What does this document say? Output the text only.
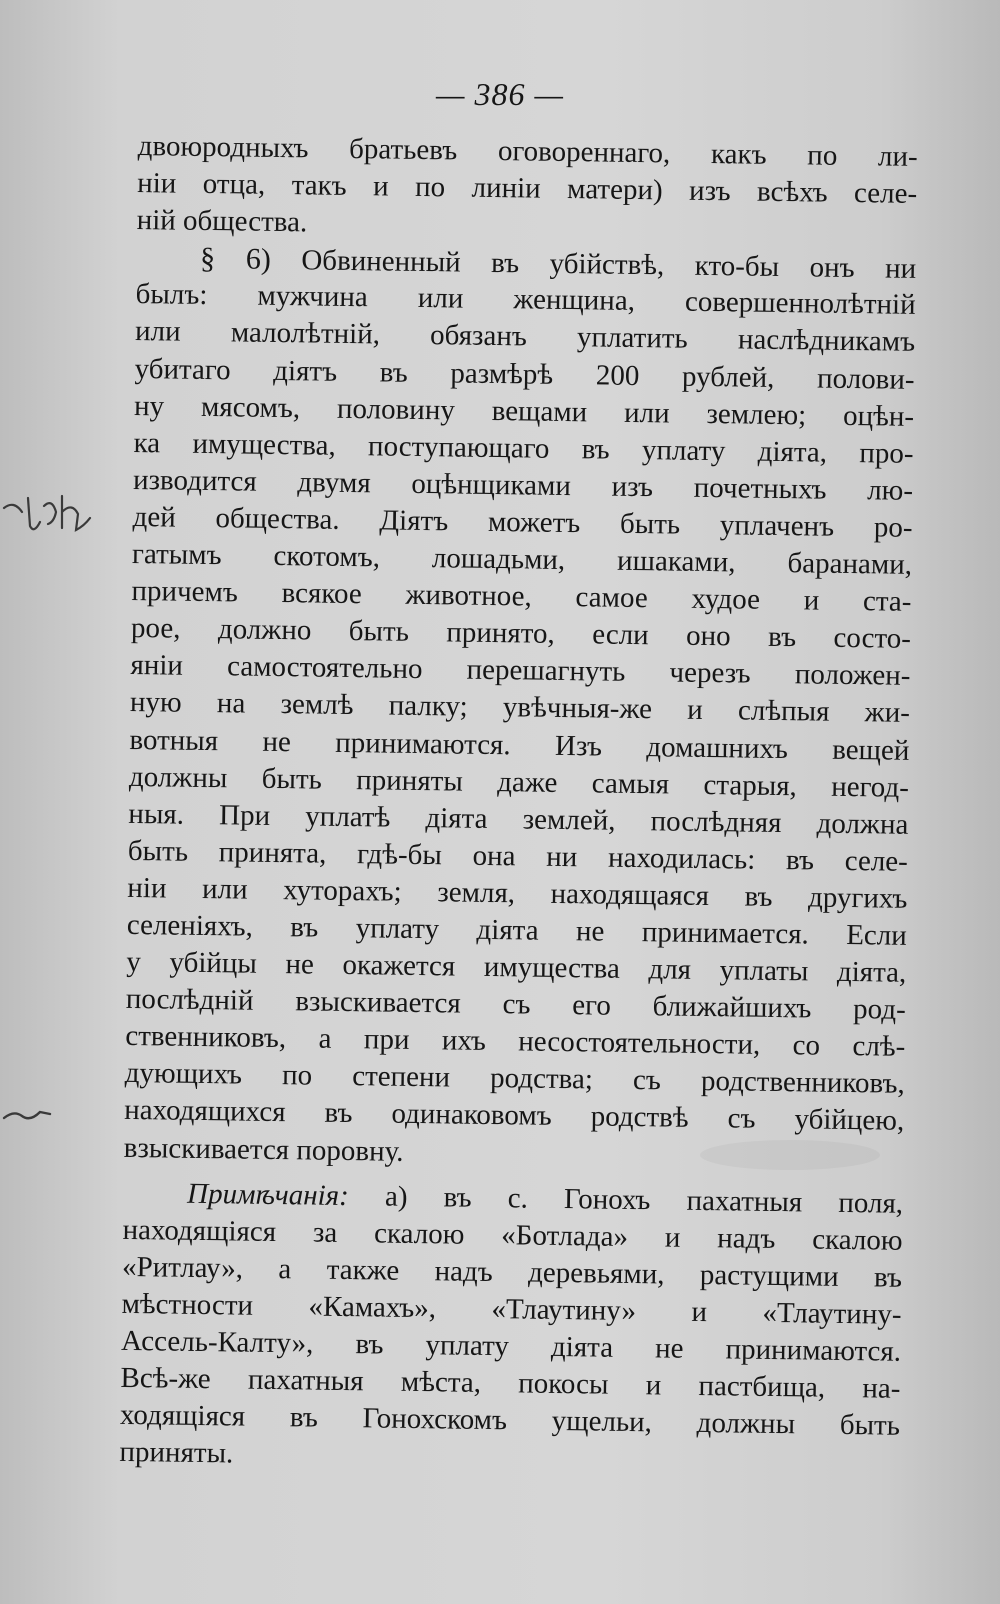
— 386 —
двоюродныхъ братьевъ оговореннаго, какъ по ли-
ніи отца, такъ и по линіи матери) изъ всѣхъ селе-
ній общества.
§ 6) Обвиненный въ убійствѣ, кто-бы онъ ни
былъ: мужчина или женщина, совершеннолѣтній
или малолѣтній, обязанъ уплатить наслѣдникамъ
убитаго діятъ въ размѣрѣ 200 рублей, полови-
ну мясомъ, половину вещами или землею; оцѣн-
ка имущества, поступающаго въ уплату діята, про-
изводится двумя оцѣнщиками изъ почетныхъ лю-
дей общества. Діятъ можетъ быть уплаченъ ро-
гатымъ скотомъ, лошадьми, ишаками, баранами,
причемъ всякое животное, самое худое и ста-
рое, должно быть принято, если оно въ состо-
яніи самостоятельно перешагнуть черезъ положен-
ную на землѣ палку; увѣчныя-же и слѣпыя жи-
вотныя не принимаются. Изъ домашнихъ вещей
должны быть приняты даже самыя старыя, негод-
ныя. При уплатѣ діята землей, послѣдняя должна
быть принята, гдѣ-бы она ни находилась: въ селе-
ніи или хуторахъ; земля, находящаяся въ другихъ
селеніяхъ, въ уплату діята не принимается. Если
у убійцы не окажется имущества для уплаты діята,
послѣдній взыскивается съ его ближайшихъ род-
ственниковъ, а при ихъ несостоятельности, со слѣ-
дующихъ по степени родства; съ родственниковъ,
находящихся въ одинаковомъ родствѣ съ убійцею,
взыскивается поровну.
Примѣчанія: а) въ с. Гонохъ пахатныя поля,
находящіяся за скалою «Ботлада» и надъ скалою
«Ритлау», а также надъ деревьями, растущими въ
мѣстности «Камахъ», «Тлаутину» и «Тлаутину-
Ассель-Калту», въ уплату діята не принимаются.
Всѣ-же пахатныя мѣста, покосы и пастбища, на-
ходящіяся въ Гонохскомъ ущельи, должны быть
приняты.
